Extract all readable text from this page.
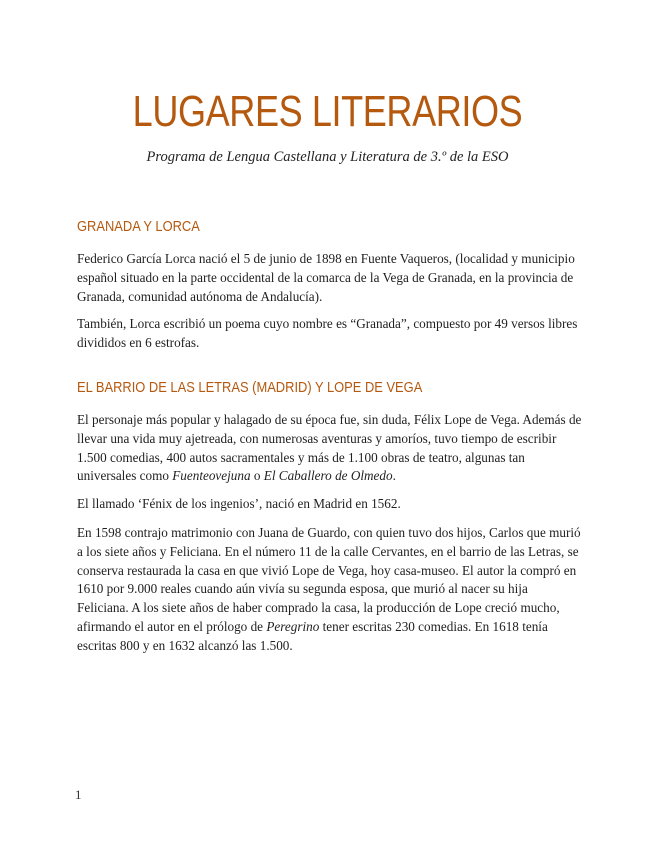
LUGARES LITERARIOS
Programa de Lengua Castellana y Literatura de 3.º de la ESO
GRANADA Y LORCA
Federico García Lorca nació el 5 de junio de 1898 en Fuente Vaqueros, (localidad y municipio español situado en la parte occidental de la comarca de la Vega de Granada, en la provincia de Granada, comunidad autónoma de Andalucía).
También, Lorca escribió un poema cuyo nombre es “Granada”, compuesto por 49 versos libres divididos en 6 estrofas.
EL BARRIO DE LAS LETRAS (MADRID) Y LOPE DE VEGA
El personaje más popular y halagado de su época fue, sin duda, Félix Lope de Vega. Además de llevar una vida muy ajetreada, con numerosas aventuras y amoríos, tuvo tiempo de escribir 1.500 comedias, 400 autos sacramentales y más de 1.100 obras de teatro, algunas tan universales como Fuenteovejuna o El Caballero de Olmedo.
El llamado ‘Fénix de los ingenios’, nació en Madrid en 1562.
En 1598 contrajo matrimonio con Juana de Guardo, con quien tuvo dos hijos, Carlos que murió a los siete años y Feliciana. En el número 11 de la calle Cervantes, en el barrio de las Letras, se conserva restaurada la casa en que vivió Lope de Vega, hoy casa-museo. El autor la compró en 1610 por 9.000 reales cuando aún vivía su segunda esposa, que murió al nacer su hija Feliciana. A los siete años de haber comprado la casa, la producción de Lope creció mucho, afirmando el autor en el prólogo de Peregrino tener escritas 230 comedias. En 1618 tenía escritas 800 y en 1632 alcanzó las 1.500.
1
